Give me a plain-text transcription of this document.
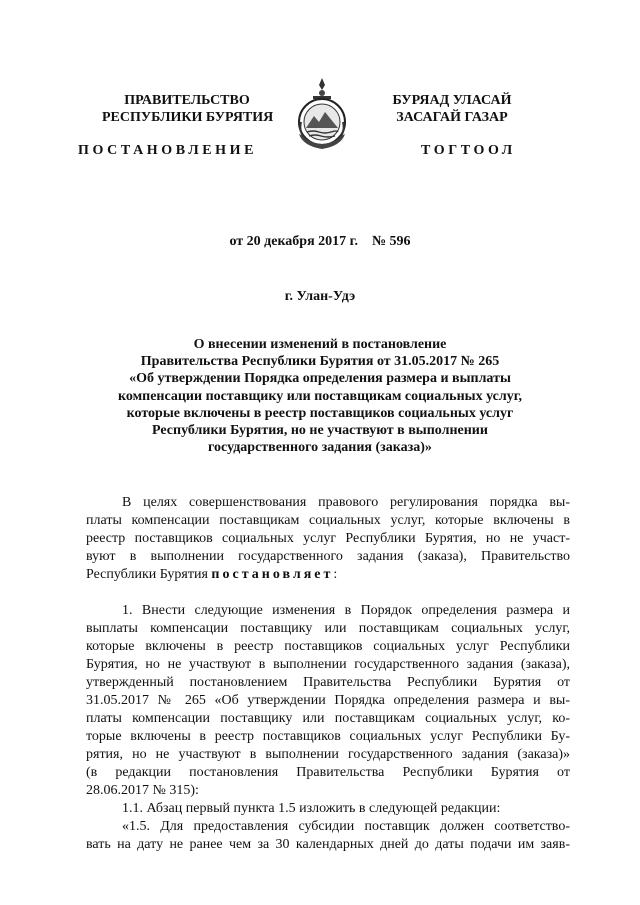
ПРАВИТЕЛЬСТВО
РЕСПУБЛИКИ БУРЯТИЯ
БУРЯАД УЛАСАЙ
ЗАСАГАЙ ГАЗАР
ПОСТАНОВЛЕНИЕ	ТОГТООЛ
от 20 декабря 2017 г. № 596
г. Улан-Удэ
О внесении изменений в постановление
Правительства Республики Бурятия от 31.05.2017 № 265
«Об утверждении Порядка определения размера и выплаты
компенсации поставщику или поставщикам социальных услуг,
которые включены в реестр поставщиков социальных услуг
Республики Бурятия, но не участвуют в выполнении
государственного задания (заказа)»

В целях совершенствования правового регулирования порядка вы-

платы компенсации поставщикам социальных услуг, которые включены в

реестр поставщиков социальных услуг Республики Бурятия, но не участ-

вуют в выполнении государственного задания (заказа), Правительство

Республики Бурятия постановляет:

1. Внести следующие изменения в Порядок определения размера и

выплаты компенсации поставщику или поставщикам социальных услуг,

которые включены в реестр поставщиков социальных услуг Республики

Бурятия, но не участвуют в выполнении государственного задания (заказа),

утвержденный постановлением Правительства Республики Бурятия от

31.05.2017 № 265 «Об утверждении Порядка определения размера и вы-

платы компенсации поставщику или поставщикам социальных услуг, ко-

торые включены в реестр поставщиков социальных услуг Республики Бу-

рятия, но не участвуют в выполнении государственного задания (заказа)»

(в редакции постановления Правительства Республики Бурятия от

28.06.2017 № 315):

1.1. Абзац первый пункта 1.5 изложить в следующей редакции:

«1.5. Для предоставления субсидии поставщик должен соответство-

вать на дату не ранее чем за 30 календарных дней до даты подачи им заяв-
